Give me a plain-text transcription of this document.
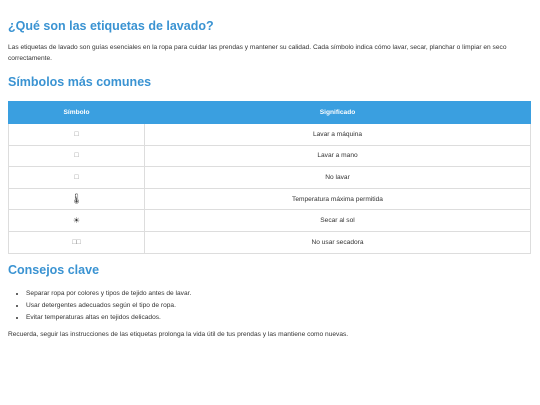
¿Qué son las etiquetas de lavado?

Las etiquetas de lavado son guías esenciales en la ropa para cuidar las prendas y mantener su calidad. Cada símbolo indica cómo lavar, secar, planchar o limpiar en seco correctamente.

Símbolos más comunes
Símbolo	Significado
□	Lavar a máquina
□	Lavar a mano
□	No lavar
🌡	Temperatura máxima permitida
☀	Secar al sol
□□	No usar secadora
Consejos clave
• Separar ropa por colores y tipos de tejido antes de lavar.
• Usar detergentes adecuados según el tipo de ropa.
• Evitar temperaturas altas en tejidos delicados.

Recuerda, seguir las instrucciones de las etiquetas prolonga la vida útil de tus prendas y las mantiene como nuevas.
